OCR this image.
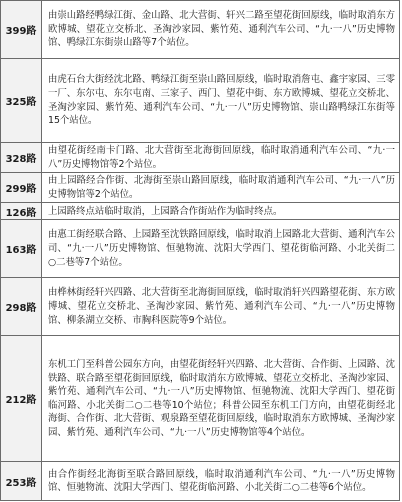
399路	由崇山路经鸭绿江街、金山路、北大营街、轩兴二路至望花街回原线，临时取消东方欧博城、望花立交桥北、圣淘沙家园、紫竹苑、通利汽车公司、“九·一八”历史博物馆、鸭绿江东街崇山路等7个站位。
325路	由虎石台大街经沈北路、鸭绿江街至崇山路回原线，临时取消詹屯、鑫宇家园、三零一厂、东尔屯、东尔屯南、三家子、西门、望花中街、东方欧博城、望花立交桥北、圣淘沙家园、紫竹苑、通利汽车公司、“九·一八”历史博物馆、崇山路鸭绿江东街等15个站位。
328路	由望花街经南卡门路、北大营街至北海街回原线，临时取消通利汽车公司、“九·一八”历史博物馆等2个站位。
299路	由上园路经合作街、北海街至崇山路回原线，临时取消通利汽车公司、“九·一八”历史博物馆等2个站位。
126路	上园路终点站临时取消，上园路合作街站作为临时终点。
163路	由惠工街经联合路、上园路至沈铁路回原线，临时取消上园路北大营街、通利汽车公司、“九·一八”历史博物馆、恒驰物流、沈阳大学西门、望花街临河路、小北关街二○二巷等7个站位。
298路	由桦林街经轩兴四路、北大营街至北海街回原线，临时取消轩兴四路望花街、东方欧博城、望花立交桥北、圣淘沙家园、紫竹苑、通利汽车公司、“九·一八”历史博物馆、柳条湖立交桥、市胸科医院等9个站位。
212路	东机工门至科普公园东方向，由望花街经轩兴四路、北大营街、合作街、上园路、沈铁路、联合路至望花街回原线，临时取消东方欧博城、望花立交桥北、圣淘沙家园、紫竹苑、通利汽车公司、“九·一八”历史博物馆、恒驰物流、沈阳大学西门、望花街临河路、小北关街二○二巷等10个站位；科普公园至东机工门方向，由望花街经北海街、合作街、北大营街、观泉路至望花街回原线，临时取消东方欧博城、圣淘沙家园、紫竹苑、通利汽车公司、“九·一八”历史博物馆等4个站位。
253路	由合作街经北海街至联合路回原线，临时取消通利汽车公司、“九·一八”历史博物馆、恒驰物流、沈阳大学西门、望花街临河路、小北关街二○二巷等6个站位。
